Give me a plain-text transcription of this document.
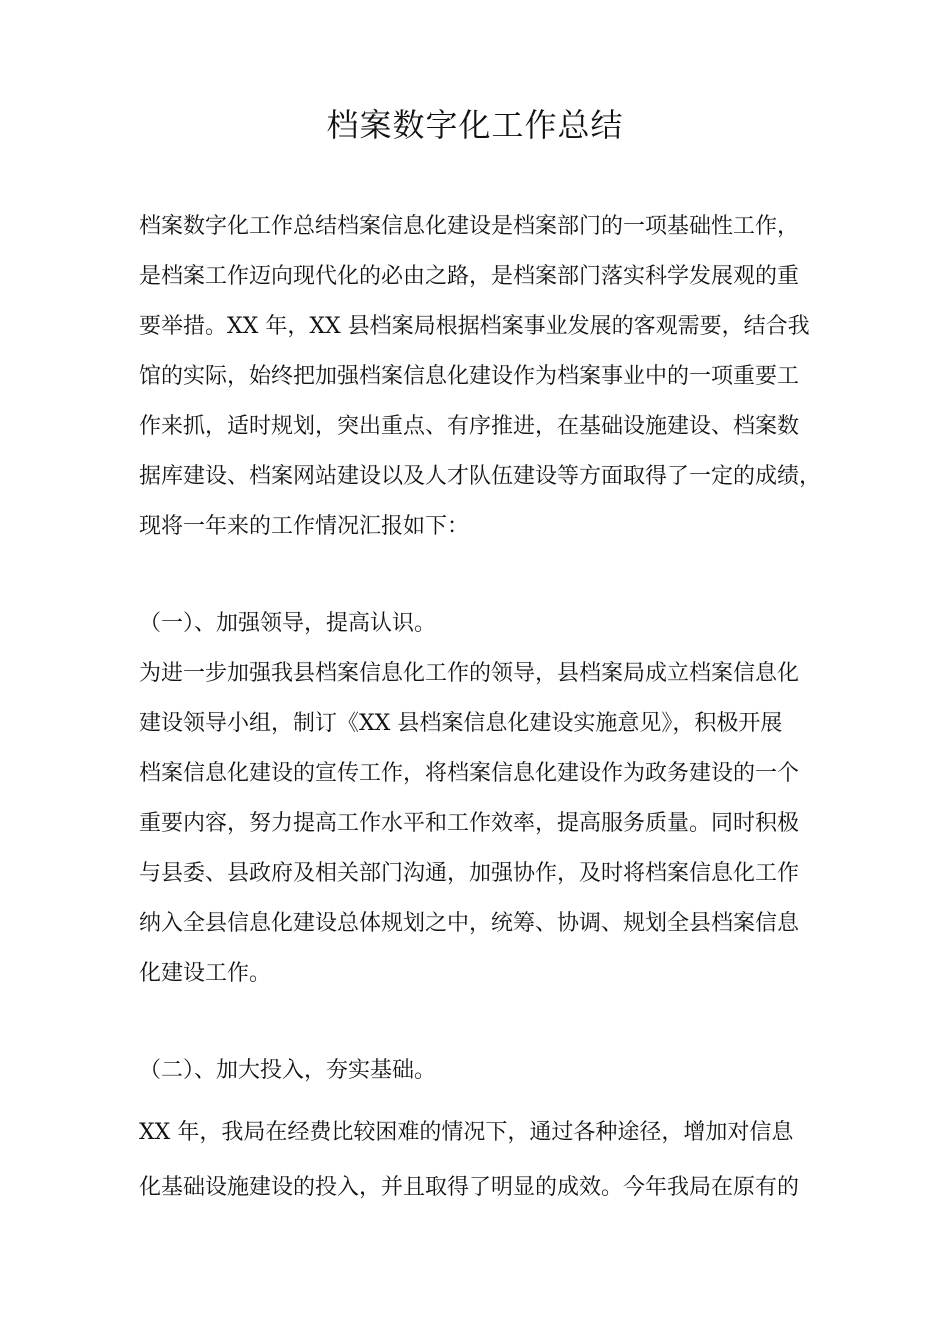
档案数字化工作总结
档案数字化工作总结档案信息化建设是档案部门的一项基础性工作，
是档案工作迈向现代化的必由之路，是档案部门落实科学发展观的重
要举措。XX 年，XX 县档案局根据档案事业发展的客观需要，结合我
馆的实际，始终把加强档案信息化建设作为档案事业中的一项重要工
作来抓，适时规划，突出重点、有序推进，在基础设施建设、档案数
据库建设、档案网站建设以及人才队伍建设等方面取得了一定的成绩，
现将一年来的工作情况汇报如下：
（一）、加强领导，提高认识。
为进一步加强我县档案信息化工作的领导，县档案局成立档案信息化
建设领导小组，制订《XX 县档案信息化建设实施意见》，积极开展
档案信息化建设的宣传工作，将档案信息化建设作为政务建设的一个
重要内容，努力提高工作水平和工作效率，提高服务质量。同时积极
与县委、县政府及相关部门沟通，加强协作，及时将档案信息化工作
纳入全县信息化建设总体规划之中，统筹、协调、规划全县档案信息
化建设工作。
（二）、加大投入，夯实基础。
XX 年，我局在经费比较困难的情况下，通过各种途径，增加对信息
化基础设施建设的投入，并且取得了明显的成效。今年我局在原有的
